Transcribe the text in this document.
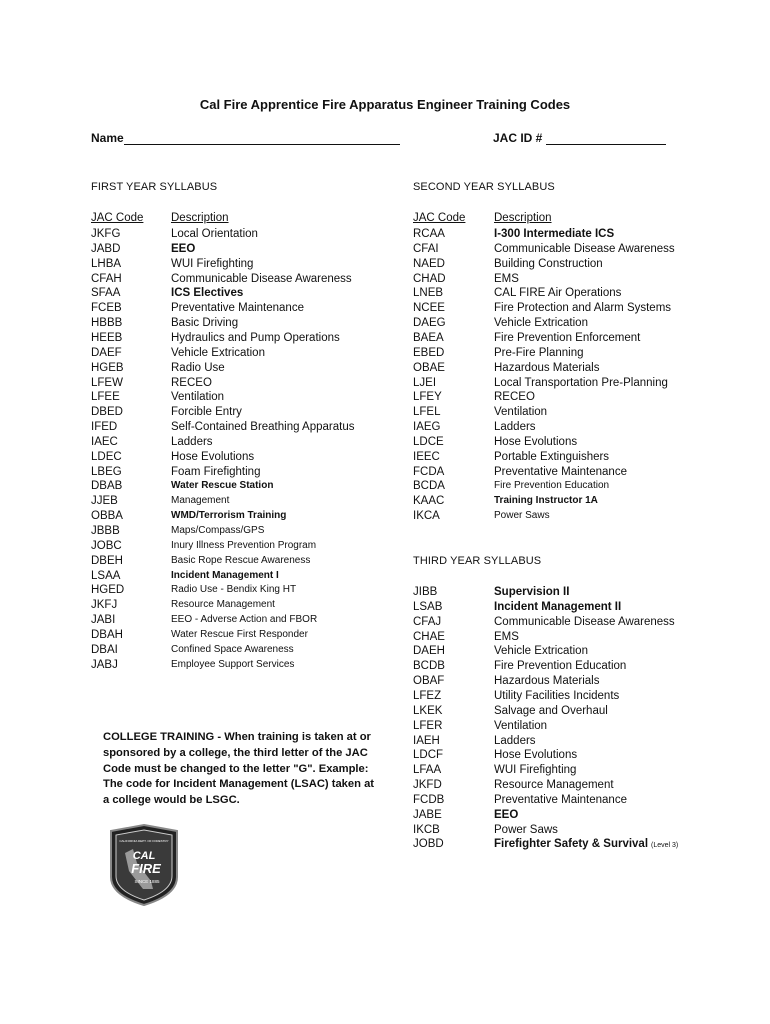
Cal Fire Apprentice Fire Apparatus Engineer Training Codes
Name	JAC ID #
FIRST YEAR SYLLABUS
JAC Code Description
JKFG	Local Orientation
JABD	EEO
LHBA	WUI Firefighting
CFAH	Communicable Disease Awareness
SFAA	ICS Electives
FCEB	Preventative Maintenance
HBBB	Basic Driving
HEEB	Hydraulics and Pump Operations
DAEF	Vehicle Extrication
HGEB	Radio Use
LFEW	RECEO
LFEE	Ventilation
DBED	Forcible Entry
IFED	Self-Contained Breathing Apparatus
IAEC	Ladders
LDEC	Hose Evolutions
LBEG	Foam Firefighting
DBAB	Water Rescue Station
JJEB	Management
OBBA	WMD/Terrorism Training
JBBB	Maps/Compass/GPS
JOBC	Inury Illness Prevention Program
DBEH	Basic Rope Rescue Awareness
LSAA	Incident Management I
HGED	Radio Use - Bendix King HT
JKFJ	Resource Management
JABI	EEO - Adverse Action and FBOR
DBAH	Water Rescue First Responder
DBAI	Confined Space Awareness
JABJ	Employee Support Services
SECOND YEAR SYLLABUS
JAC Code Description
RCAA	I-300 Intermediate ICS
CFAI	Communicable Disease Awareness
NAED	Building Construction
CHAD	EMS
LNEB	CAL FIRE Air Operations
NCEE	Fire Protection and Alarm Systems
DAEG	Vehicle Extrication
BAEA	Fire Prevention Enforcement
EBED	Pre-Fire Planning
OBAE	Hazardous Materials
LJEI	Local Transportation Pre-Planning
LFEY	RECEO
LFEL	Ventilation
IAEG	Ladders
LDCE	Hose Evolutions
IEEC	Portable Extinguishers
FCDA	Preventative Maintenance
BCDA	Fire Prevention Education
KAAC	Training Instructor 1A
IKCA	Power Saws
THIRD YEAR SYLLABUS
JIBB	Supervision II
LSAB	Incident Management II
CFAJ	Communicable Disease Awareness
CHAE	EMS
DAEH	Vehicle Extrication
BCDB	Fire Prevention Education
OBAF	Hazardous Materials
LFEZ	Utility Facilities Incidents
LKEK	Salvage and Overhaul
LFER	Ventilation
IAEH	Ladders
LDCF	Hose Evolutions
LFAA	WUI Firefighting
JKFD	Resource Management
FCDB	Preventative Maintenance
JABE	EEO
IKCB	Power Saws
JOBD	Firefighter Safety & Survival (Level 3)
COLLEGE TRAINING - When training is taken at or sponsored by a college, the third letter of the JAC Code must be changed to the letter "G". Example: The code for Incident Management (LSAC) taken at a college would be LSGC.
CAL
FIRE
SINCE 1885
CALIFORNIA DEPT. OF FORESTRY
